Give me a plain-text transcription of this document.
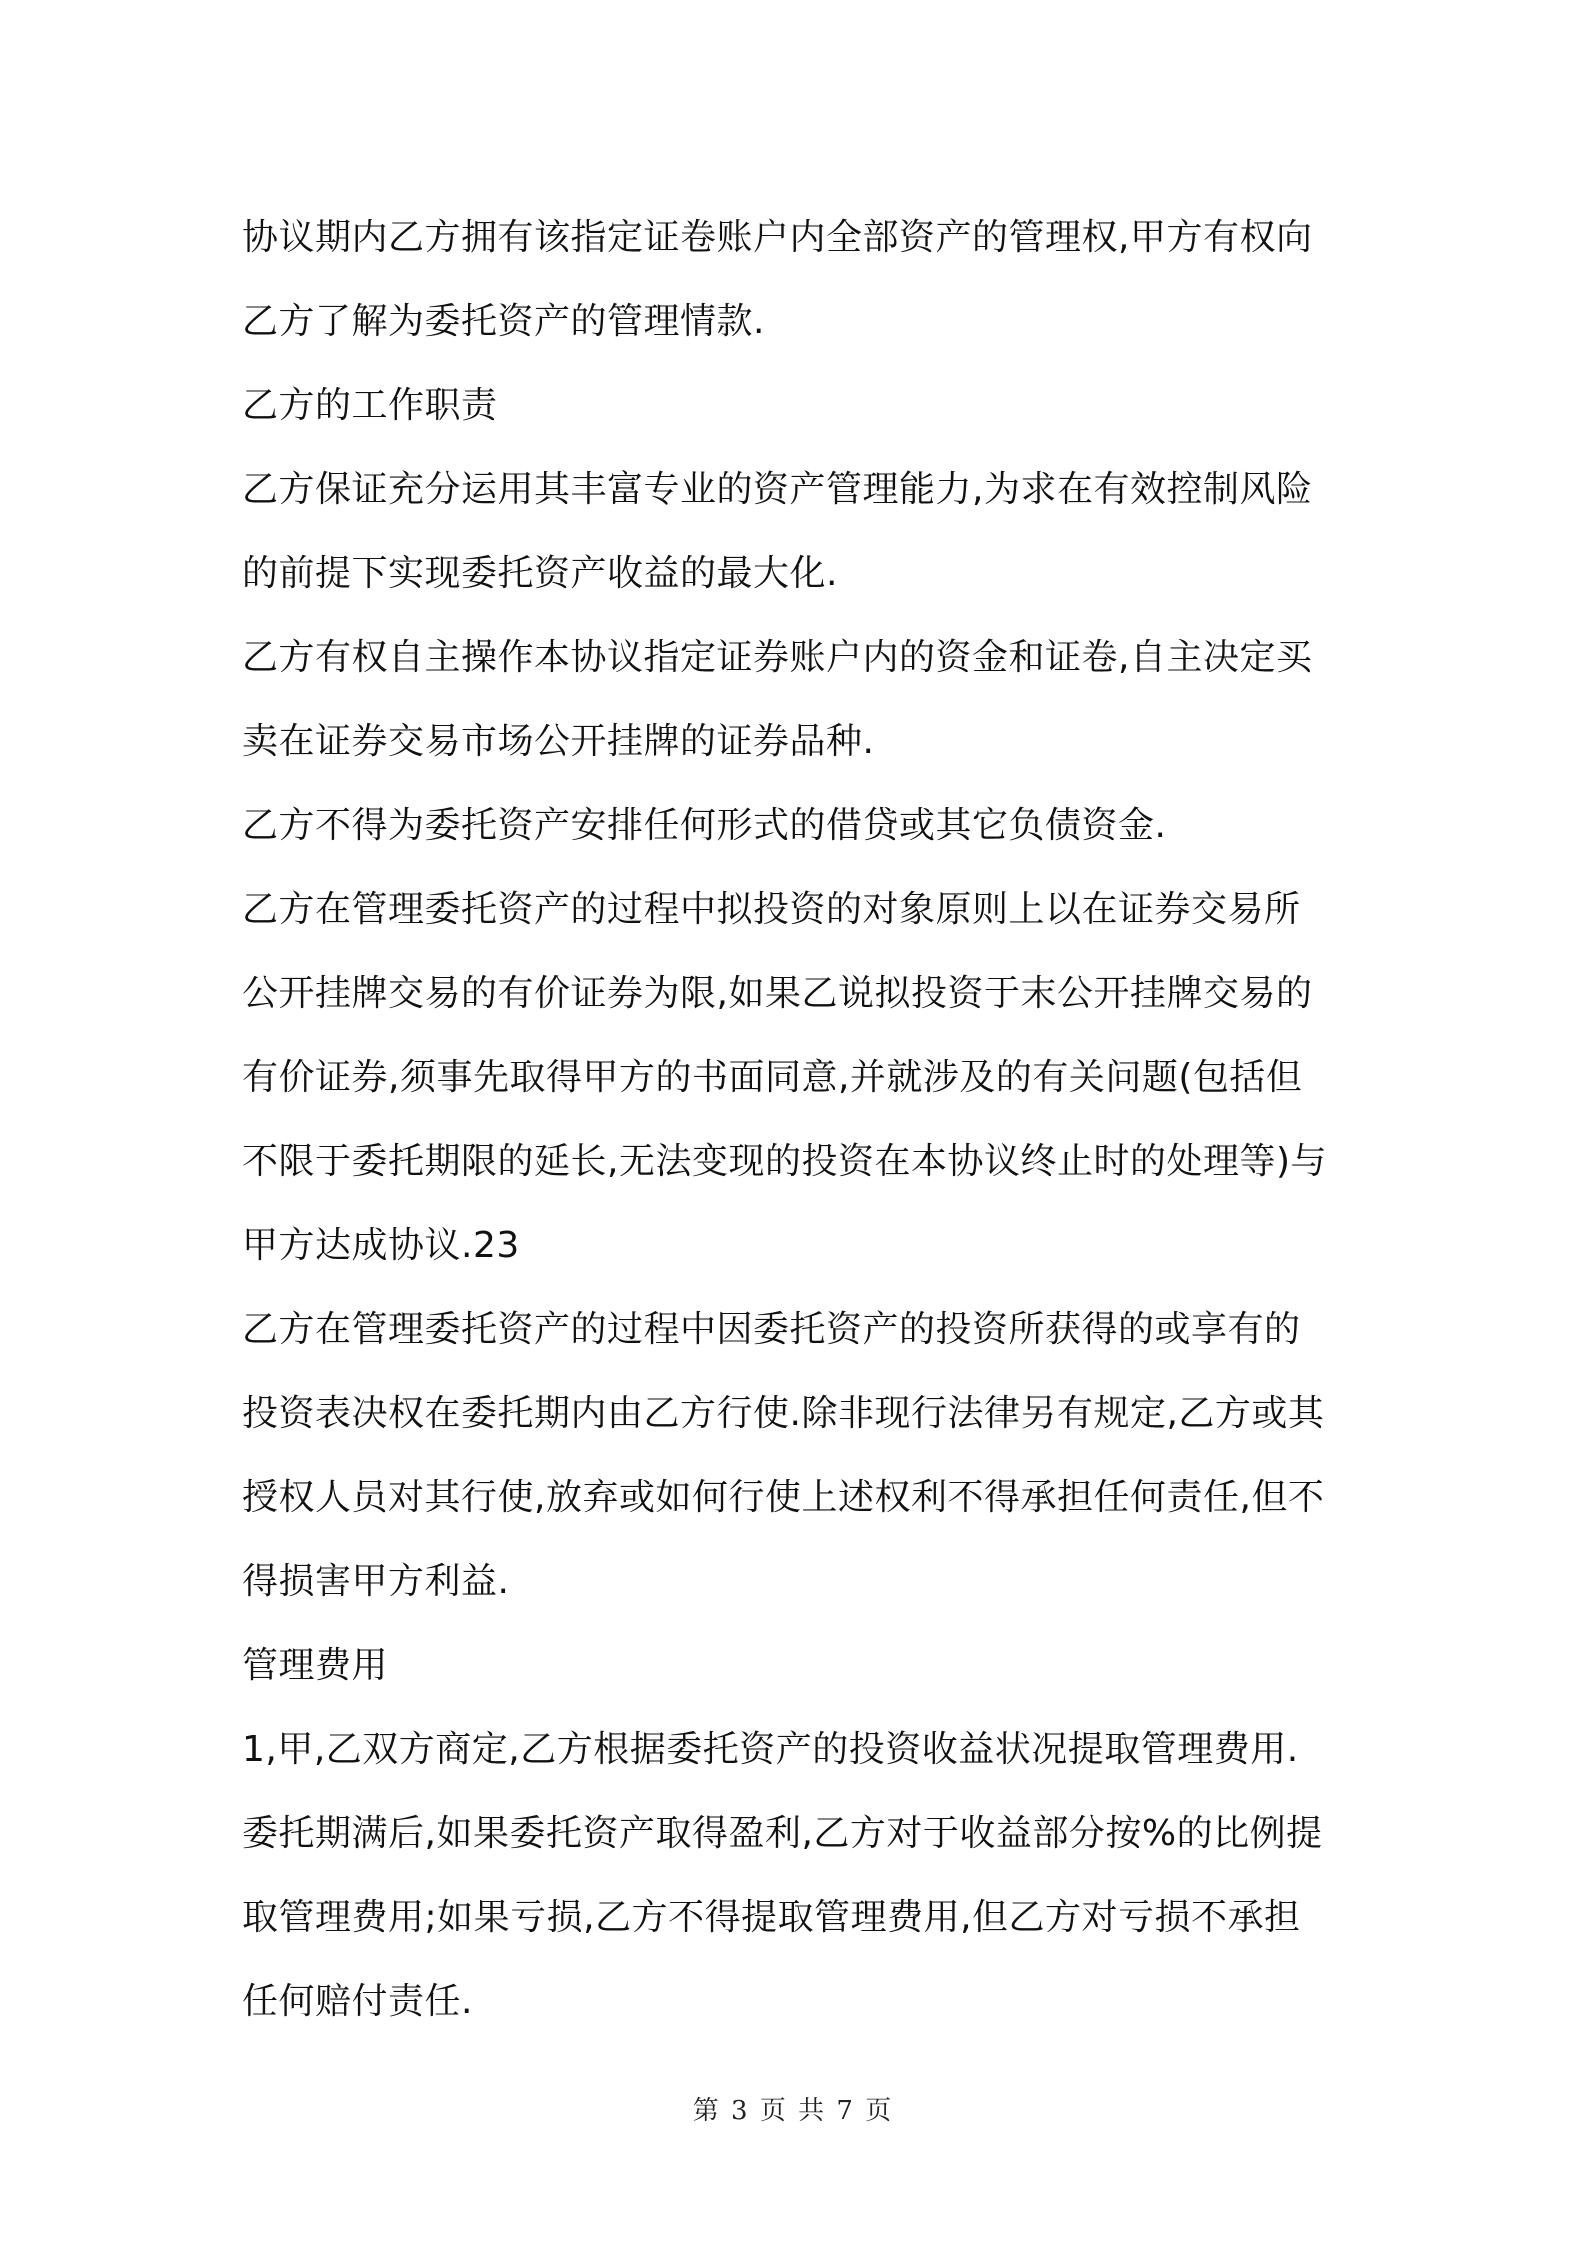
协议期内乙方拥有该指定证卷账户内全部资产的管理权,甲方有权向
乙方了解为委托资产的管理情款.
乙方的工作职责
乙方保证充分运用其丰富专业的资产管理能力,为求在有效控制风险
的前提下实现委托资产收益的最大化.
乙方有权自主操作本协议指定证券账户内的资金和证卷,自主决定买
卖在证券交易市场公开挂牌的证券品种.
乙方不得为委托资产安排任何形式的借贷或其它负债资金.
乙方在管理委托资产的过程中拟投资的对象原则上以在证券交易所
公开挂牌交易的有价证券为限,如果乙说拟投资于末公开挂牌交易的
有价证券,须事先取得甲方的书面同意,并就涉及的有关问题(包括但
不限于委托期限的延长,无法变现的投资在本协议终止时的处理等)与
甲方达成协议.23
乙方在管理委托资产的过程中因委托资产的投资所获得的或享有的
投资表决权在委托期内由乙方行使.除非现行法律另有规定,乙方或其
授权人员对其行使,放弃或如何行使上述权利不得承担任何责任,但不
得损害甲方利益.
管理费用
1,甲,乙双方商定,乙方根据委托资产的投资收益状况提取管理费用.
委托期满后,如果委托资产取得盈利,乙方对于收益部分按%的比例提
取管理费用;如果亏损,乙方不得提取管理费用,但乙方对亏损不承担
任何赔付责任.
第 3 页 共 7 页
